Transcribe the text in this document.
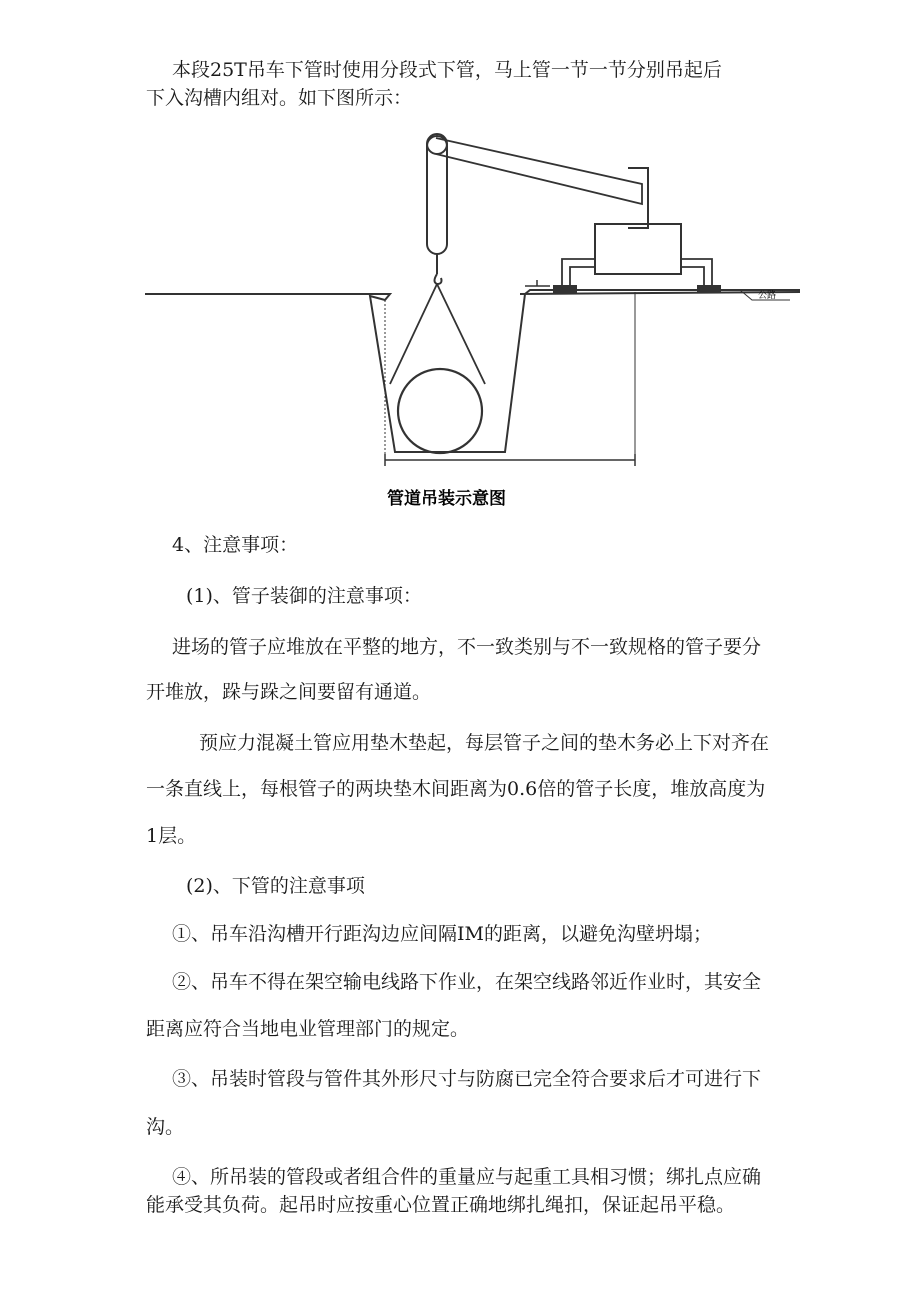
本段25T吊车下管时使用分段式下管，马上管一节一节分别吊起后
下入沟槽内组对。如下图所示：
公路
管道吊装示意图
4、注意事项：
(1)、管子装御的注意事项：
进场的管子应堆放在平整的地方，不一致类别与不一致规格的管子要分
开堆放，跺与跺之间要留有通道。
预应力混凝土管应用垫木垫起，每层管子之间的垫木务必上下对齐在
一条直线上，每根管子的两块垫木间距离为0.6倍的管子长度，堆放高度为
1层。
(2)、下管的注意事项
①、吊车沿沟槽开行距沟边应间隔IM的距离，以避免沟壁坍塌；
②、吊车不得在架空输电线路下作业，在架空线路邻近作业时，其安全
距离应符合当地电业管理部门的规定。
③、吊装时管段与管件其外形尺寸与防腐已完全符合要求后才可进行下
沟。
④、所吊装的管段或者组合件的重量应与起重工具相习惯；绑扎点应确
能承受其负荷。起吊时应按重心位置正确地绑扎绳扣，保证起吊平稳。
